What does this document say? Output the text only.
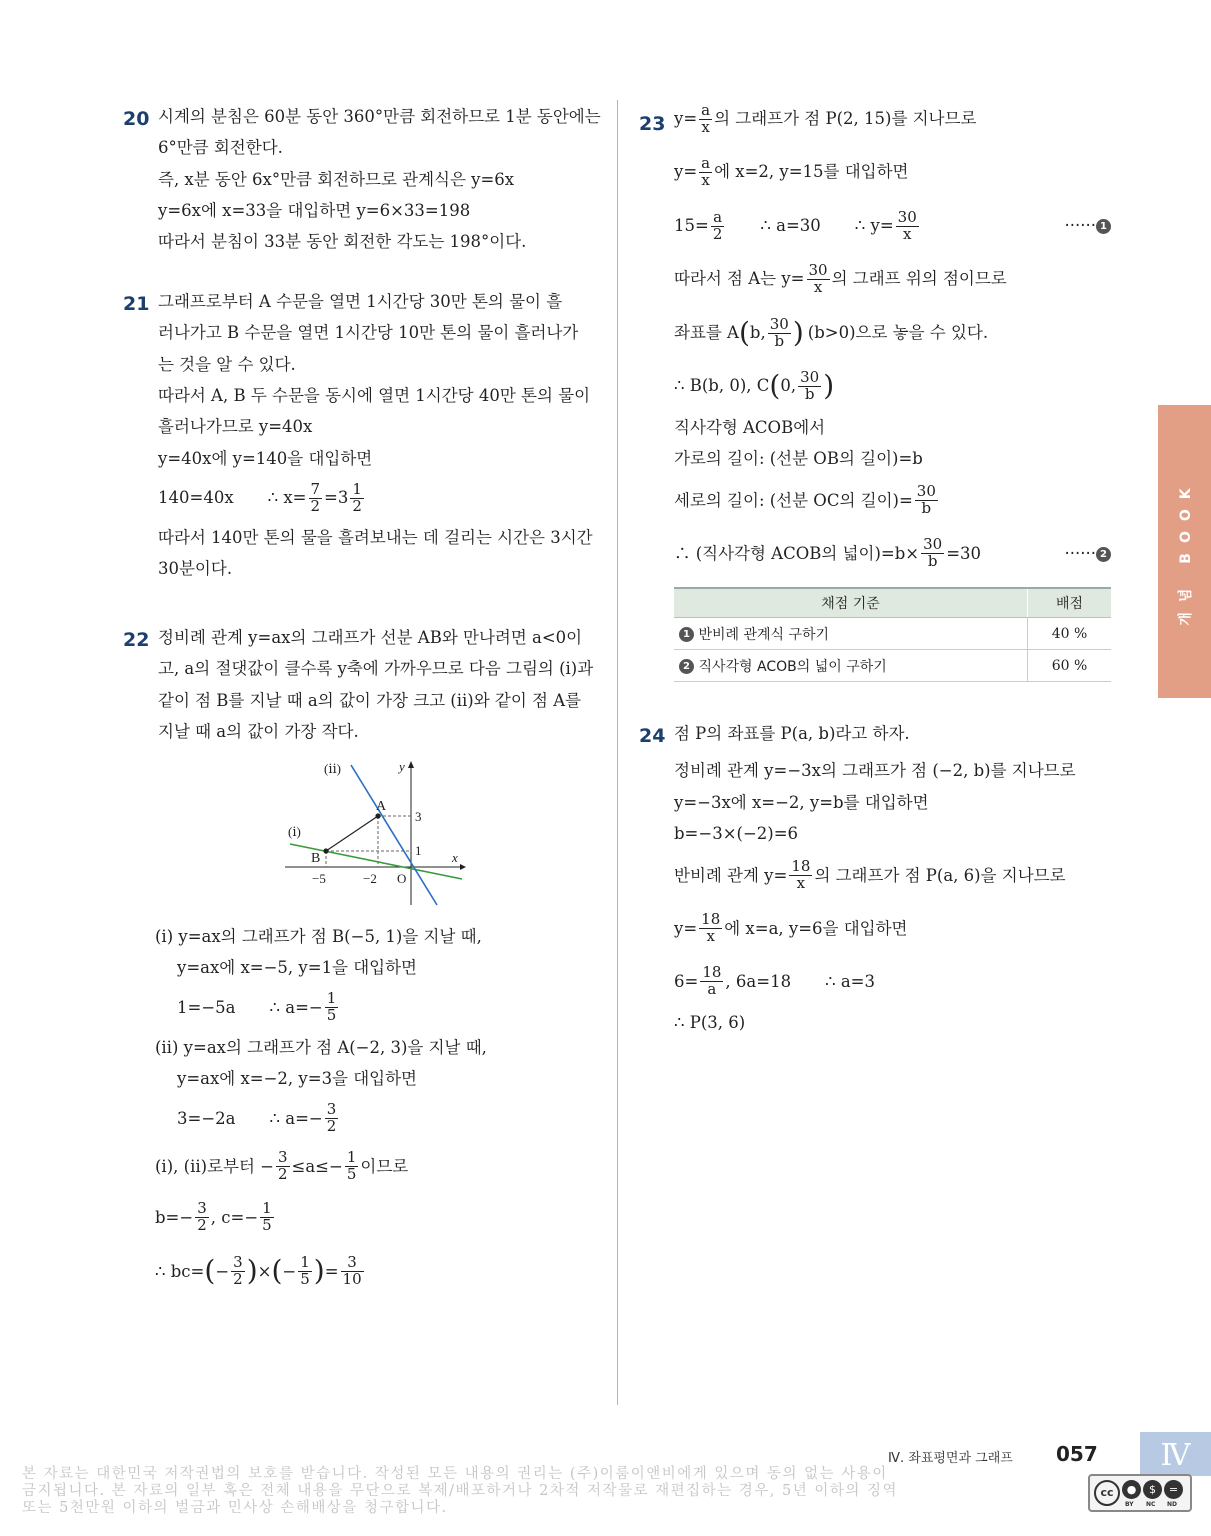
20 시계의 분침은 60분 동안 360°만큼 회전하므로 1분 동안에는
6°만큼 회전한다.
즉, x분 동안 6x°만큼 회전하므로 관계식은 y=6x
y=6x에 x=33을 대입하면 y=6×33=198
따라서 분침이 33분 동안 회전한 각도는 198°이다.
21 그래프로부터 A 수문을 열면 1시간당 30만 톤의 물이 흘
러나가고 B 수문을 열면 1시간당 10만 톤의 물이 흘러나가
는 것을 알 수 있다.
따라서 A, B 두 수문을 동시에 열면 1시간당 40만 톤의 물이
흘러나가므로 y=40x
y=40x에 y=140을 대입하면
140=40x ∴ $x= \frac{7}{2} =3 \frac{1}{2}$
따라서 140만 톤의 물을 흘려보내는 데 걸리는 시간은 3시간
30분이다.
22 정비례 관계 y=ax의 그래프가 선분 AB와 만나려면 a<0이
고, a의 절댓값이 클수록 y축에 가까우므로 다음 그림의 (ⅰ)과
같이 점 B를 지날 때 a의 값이 가장 크고 (ⅱ)와 같이 점 A를
지날 때 a의 값이 가장 작다.
(ⅱ)
(ⅰ)
y
x
A
B
O
−5	−2
3
1
(ⅰ) y=ax의 그래프가 점 B(−5, 1)을 지날 때,
y=ax에 x=−5, y=1을 대입하면
1=−5a ∴ $a=- \frac{1}{5}$
(ⅱ) y=ax의 그래프가 점 A(−2, 3)을 지날 때,
y=ax에 x=−2, y=3을 대입하면
3=−2a ∴ $a=- \frac{3}{2}$
(ⅰ), (ⅱ)로부터 − $\frac{3}{2} \le a\le- \frac{1}{5}$ 이므로
$b=- \frac{3}{2}$ , $c=- \frac{1}{5}$
∴ bc= ( − $\frac{3}{2}$ ) × ( − $\frac{1}{5}$ ) = $\frac{3}{10}$
23 $y= \frac{a}{x}$ 의 그래프가 점 P(2, 15)를 지나므로
$y= \frac{a}{x}$ 에 x=2, y=15를 대입하면
$15= \frac{a}{2}$ ∴ a=30 ∴ $y= \frac{30}{x}$	······ 1
따라서 점 A는 $y= \frac{30}{x}$ 의 그래프 위의 점이므로
좌표를 A ( b, $\frac{30}{b}$ ) (b>0)으로 놓을 수 있다.
∴ B(b, 0), C ( 0, $\frac{30}{b}$ )
직사각형 ACOB에서
가로의 길이: (선분 OB의 길이)=b
세로의 길이: (선분 OC의 길이)= $\frac{30}{b}$
∴ (직사각형 ACOB의 넓이)$=b\times \frac{30}{b} =30$	······ 2
채점 기준	배점
1 반비례 관계식 구하기	40 %
2 직사각형 ACOB의 넓이 구하기	60 %
24 점 P의 좌표를 P(a, b)라고 하자.
정비례 관계 y=−3x의 그래프가 점 (−2, b)를 지나므로
y=−3x에 x=−2, y=b를 대입하면
b=−3×(−2)=6
반비례 관계 $y= \frac{18}{x}$ 의 그래프가 점 P(a, 6)을 지나므로
$y= \frac{18}{x}$ 에 x=a, y=6을 대입하면
$6= \frac{18}{a}$ , 6a=18 ∴ a=3
∴ P(3, 6)
개념 BOOK
Ⅳ. 좌표평면과 그래프 057	Ⅳ
본 자료는 대한민국 저작권법의 보호를 받습니다. 작성된 모든 내용의 권리는 (주)이룸이앤비에게 있으며 동의 없는 사용이
금지됩니다. 본 자료의 일부 혹은 전체 내용을 무단으로 복제/배포하거나 2차적 저작물로 재편집하는 경우, 5년 이하의 징역
또는 5천만원 이하의 벌금과 민사상 손해배상을 청구합니다.
cc	●	$	=
BY NC ND
